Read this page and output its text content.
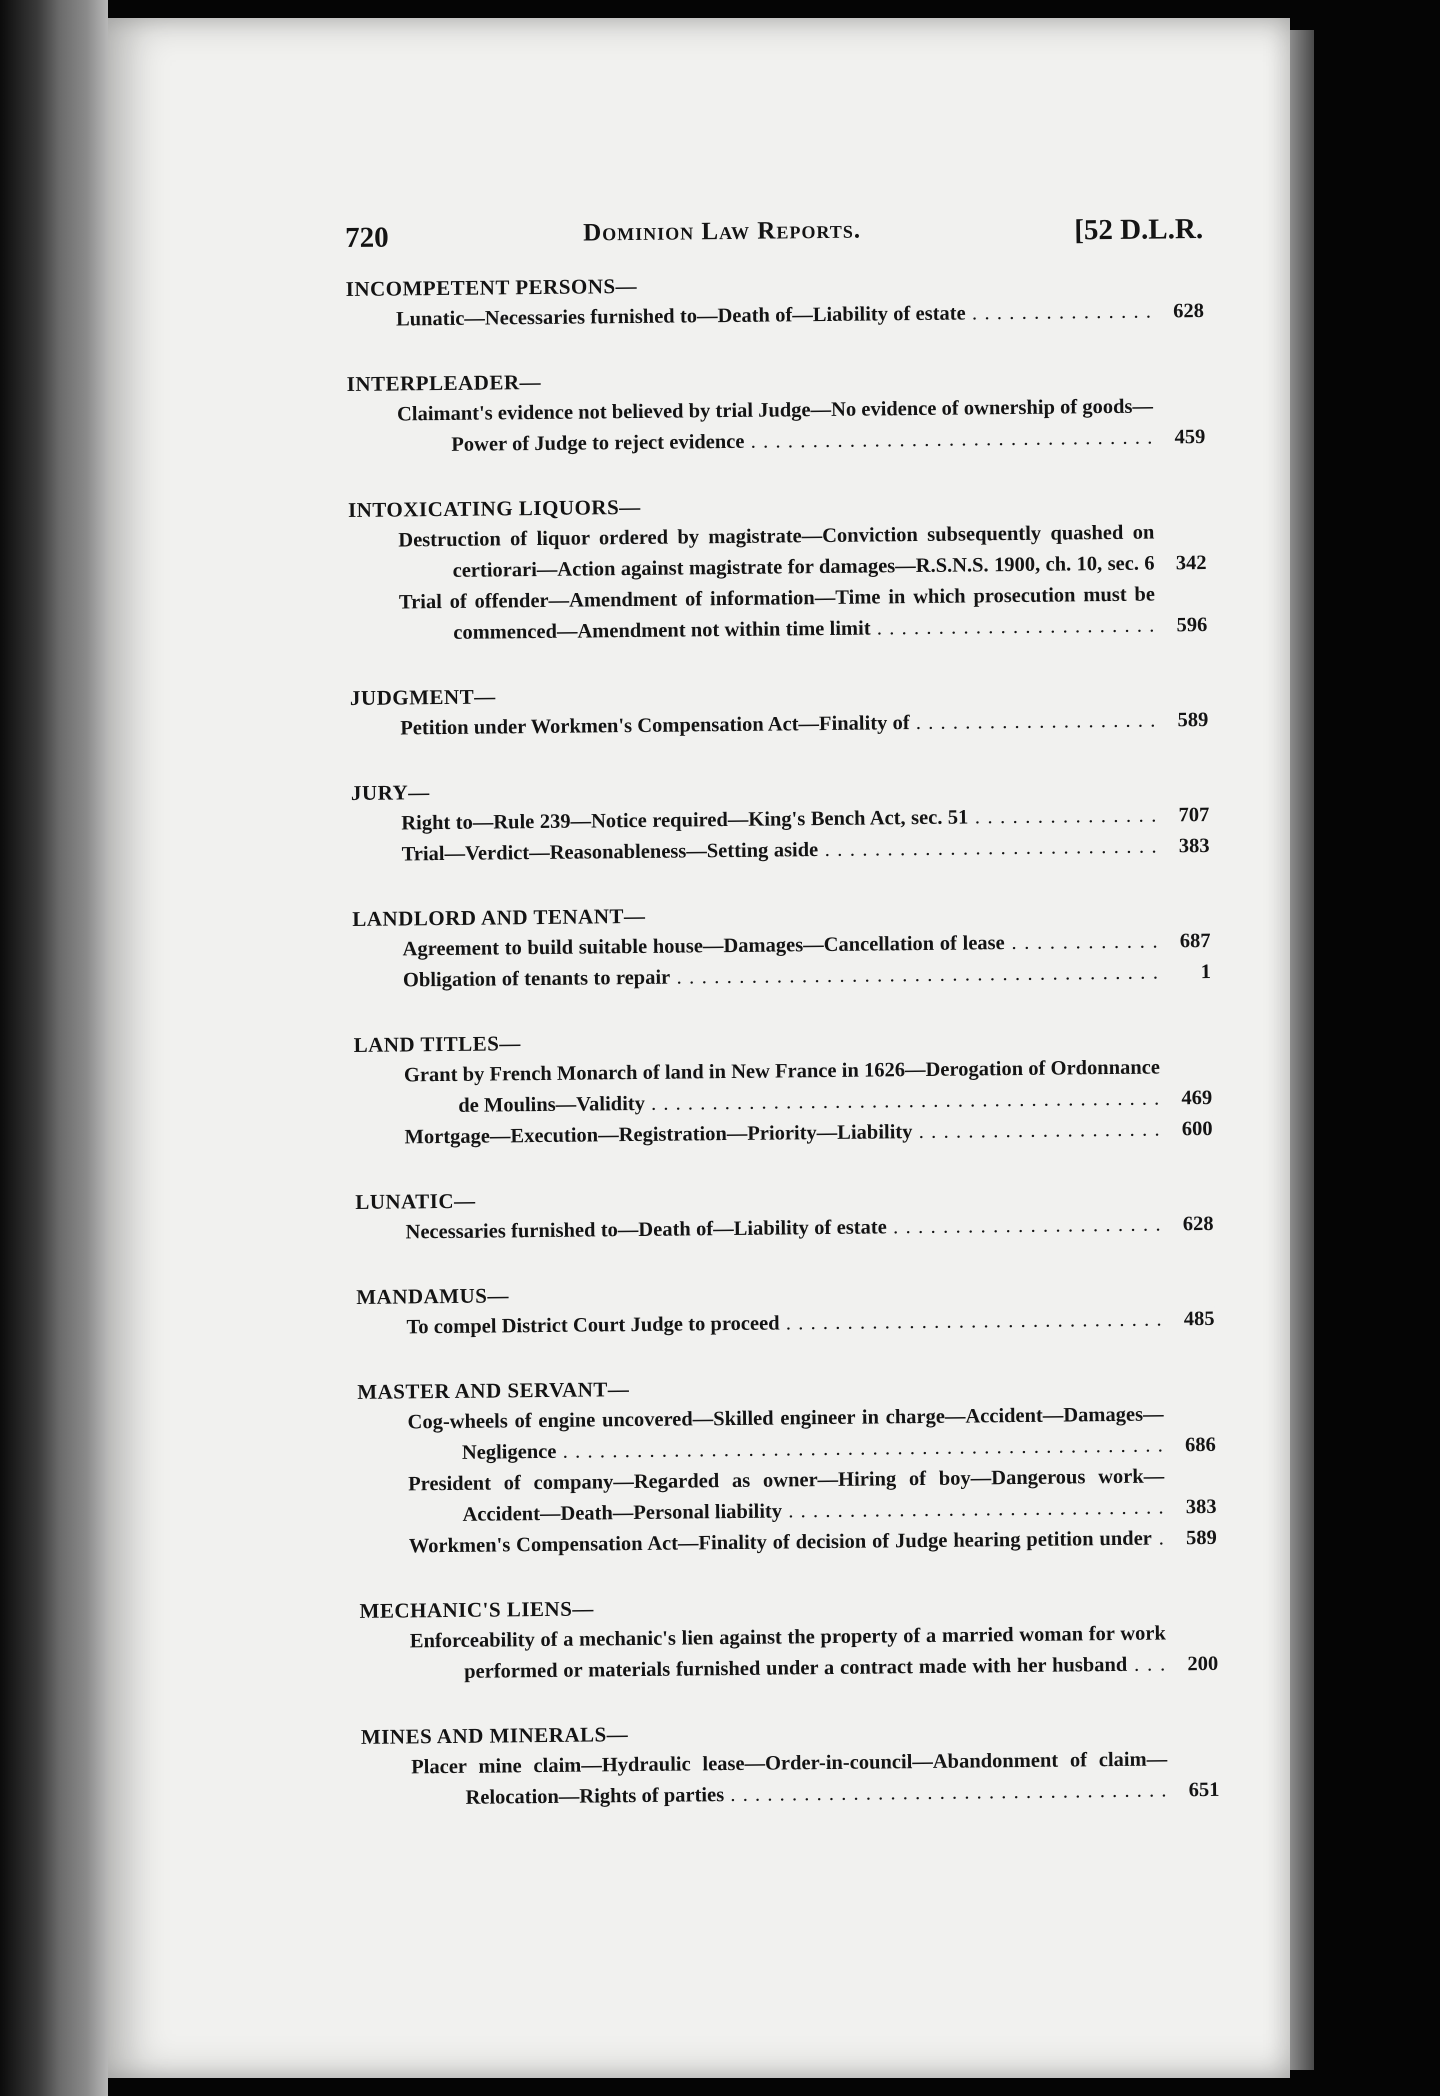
720	Dominion Law Reports.	[52 D.L.R.
INCOMPETENT PERSONS—
Lunatic—Necessaries furnished to—Death of—Liability of estate . . .	628
INTERPLEADER—
Claimant's evidence not believed by trial Judge—No evidence of ownership of goods—Power of Judge to reject evidence . . .	459
INTOXICATING LIQUORS—
Destruction of liquor ordered by magistrate—Conviction subsequently quashed on certiorari—Action against magistrate for damages—R.S.N.S. 1900, ch. 10, sec. 6 . . .	342
Trial of offender—Amendment of information—Time in which prosecution must be commenced—Amendment not within time limit . . .	596
JUDGMENT—
Petition under Workmen's Compensation Act—Finality of . . .	589
JURY—
Right to—Rule 239—Notice required—King's Bench Act, sec. 51 . . .	707
Trial—Verdict—Reasonableness—Setting aside . . .	383
LANDLORD AND TENANT—
Agreement to build suitable house—Damages—Cancellation of lease . . .	687
Obligation of tenants to repair . . .	1
LAND TITLES—
Grant by French Monarch of land in New France in 1626—Derogation of Ordonnance de Moulins—Validity . . .	469
Mortgage—Execution—Registration—Priority—Liability . . .	600
LUNATIC—
Necessaries furnished to—Death of—Liability of estate . . .	628
MANDAMUS—
To compel District Court Judge to proceed . . .	485
MASTER AND SERVANT—
Cog-wheels of engine uncovered—Skilled engineer in charge—Accident—Damages—Negligence . . .	686
President of company—Regarded as owner—Hiring of boy—Dangerous work—Accident—Death—Personal liability . . .	383
Workmen's Compensation Act—Finality of decision of Judge hearing petition under . . .	589
MECHANIC'S LIENS—
Enforceability of a mechanic's lien against the property of a married woman for work performed or materials furnished under a contract made with her husband . . .	200
MINES AND MINERALS—
Placer mine claim—Hydraulic lease—Order-in-council—Abandonment of claim—Relocation—Rights of parties . . .	651
